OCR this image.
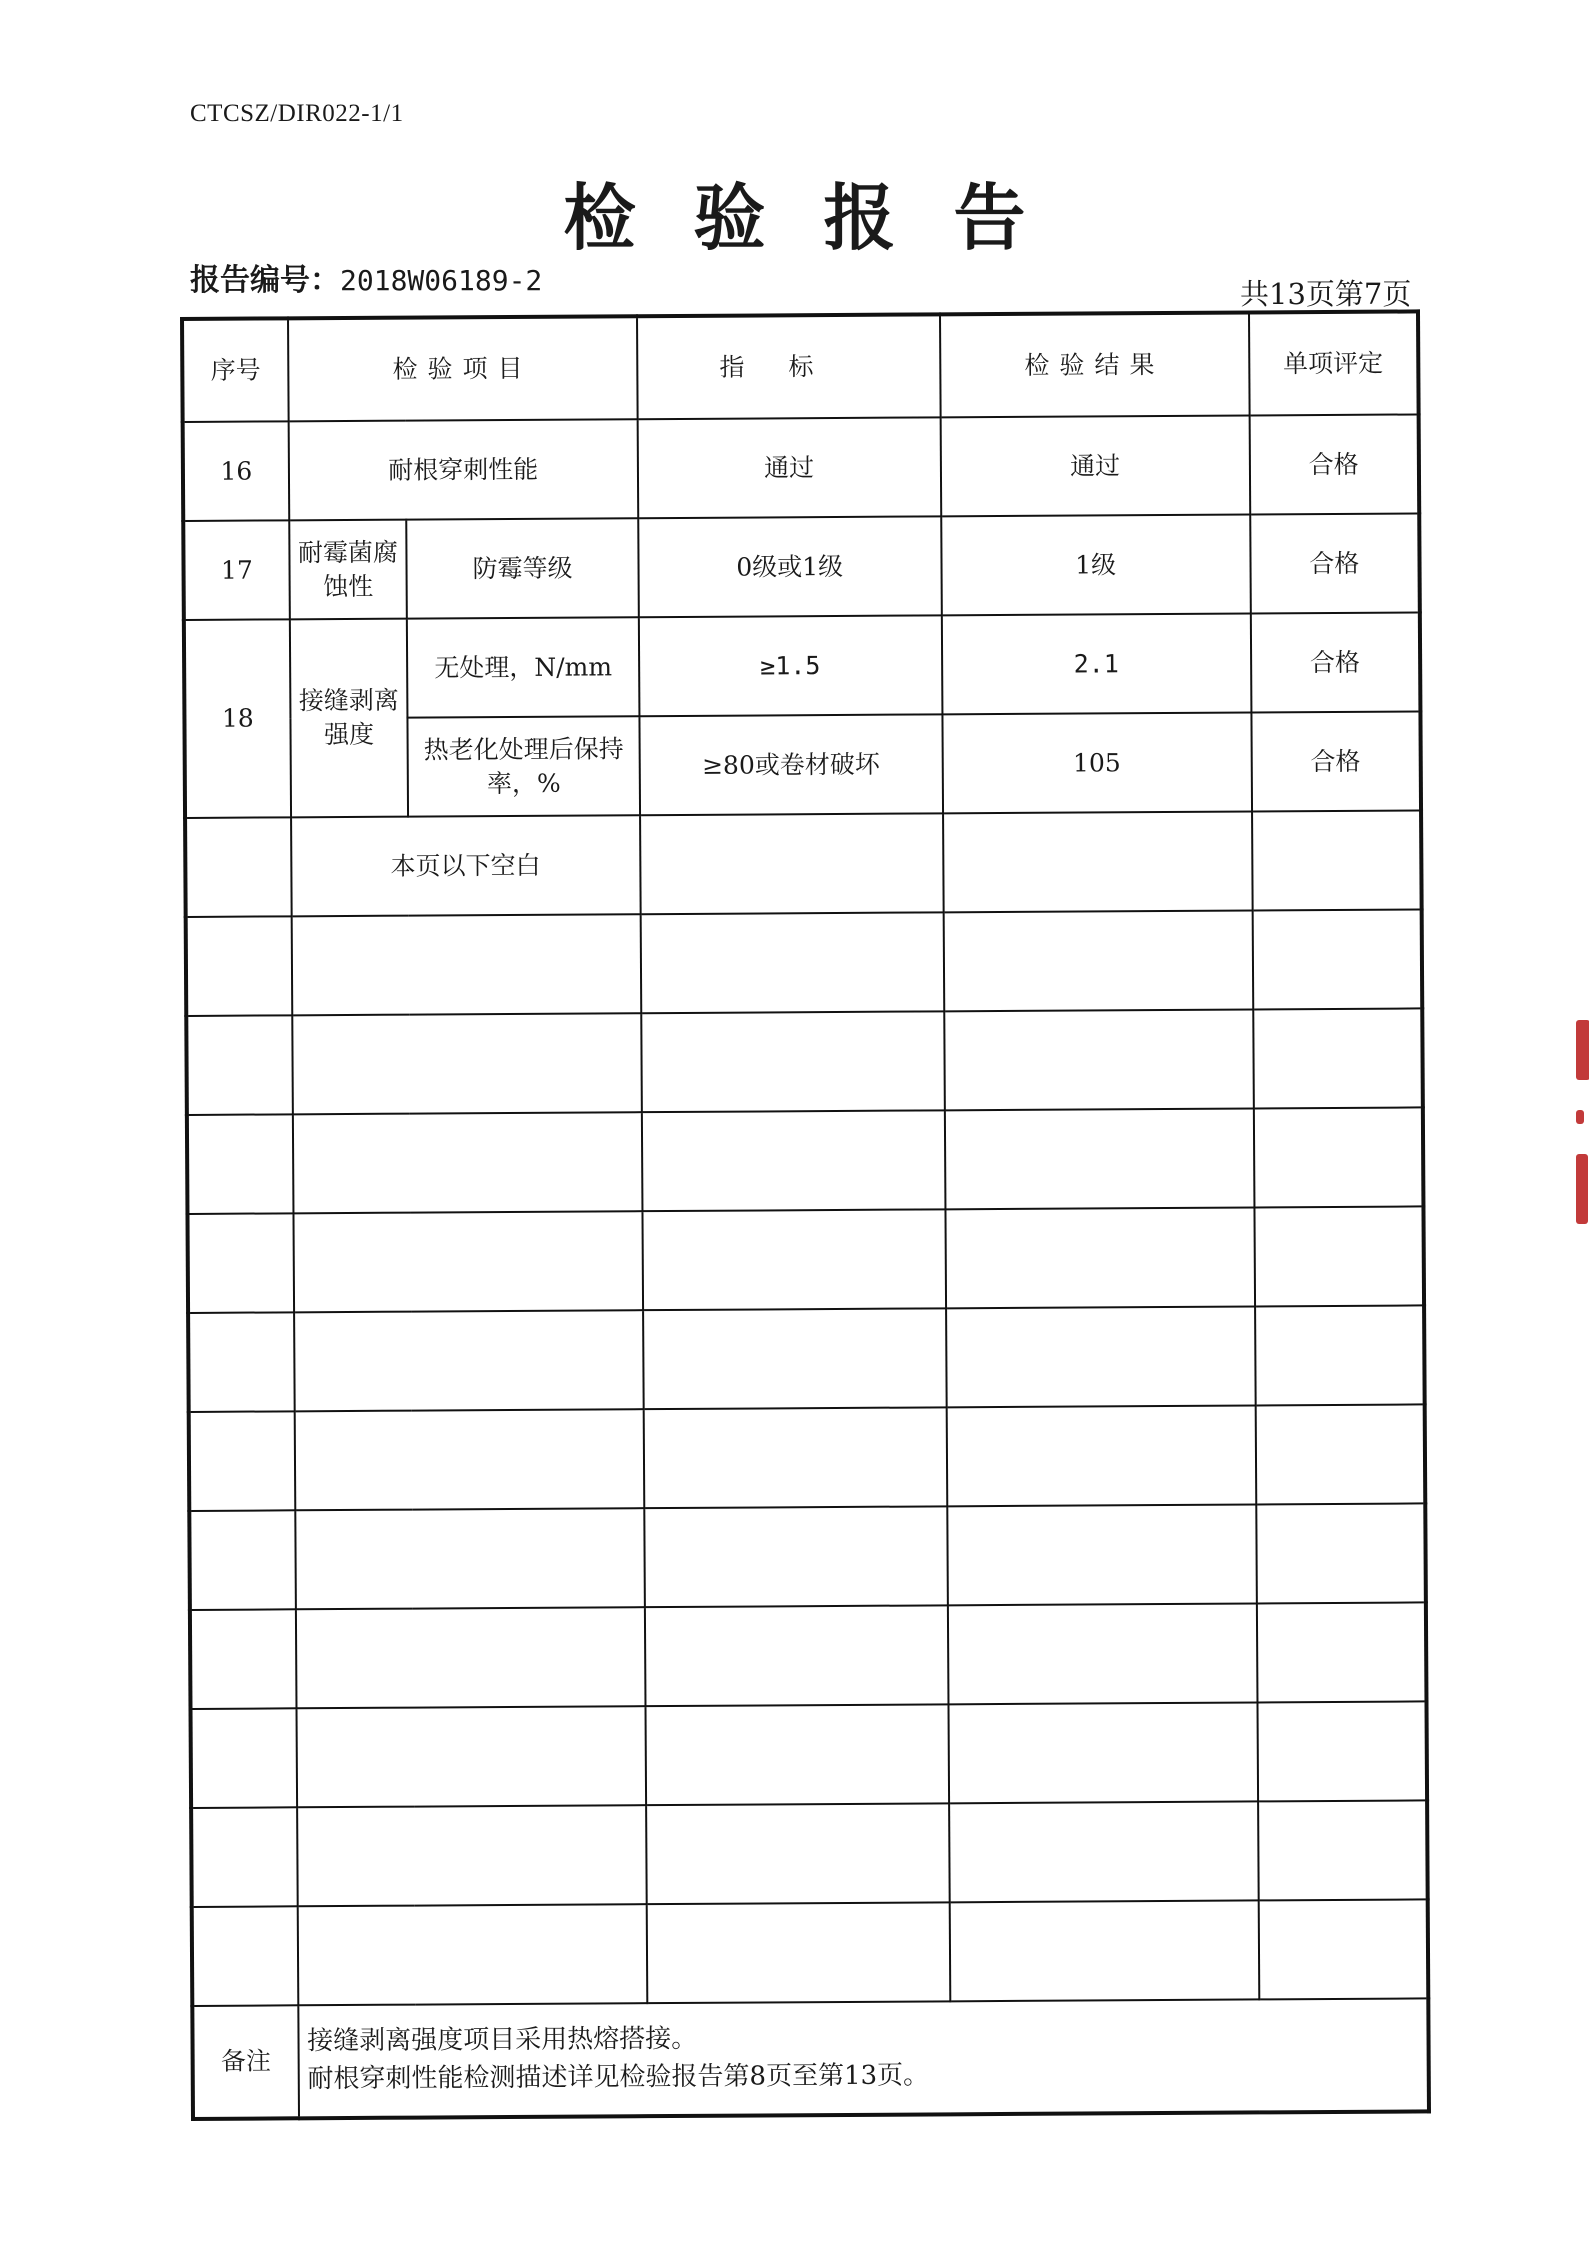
CTCSZ/DIR022-1/1
检验报告
报告编号：2018W06189-2	共13页第7页
序号	检验项目		指标	检验结果	单项评定
16	耐根穿刺性能		通过	通过	合格
17	耐霉菌腐蚀性	防霉等级	0级或1级	1级	合格
18	接缝剥离强度	无处理，N/mm	≥1.5	2.1	合格
		热老化处理后保持率，%	≥80或卷材破坏	105	合格
	本页以下空白				

备注	接缝剥离强度项目采用热熔搭接。
耐根穿刺性能检测描述详见检验报告第8页至第13页。				
